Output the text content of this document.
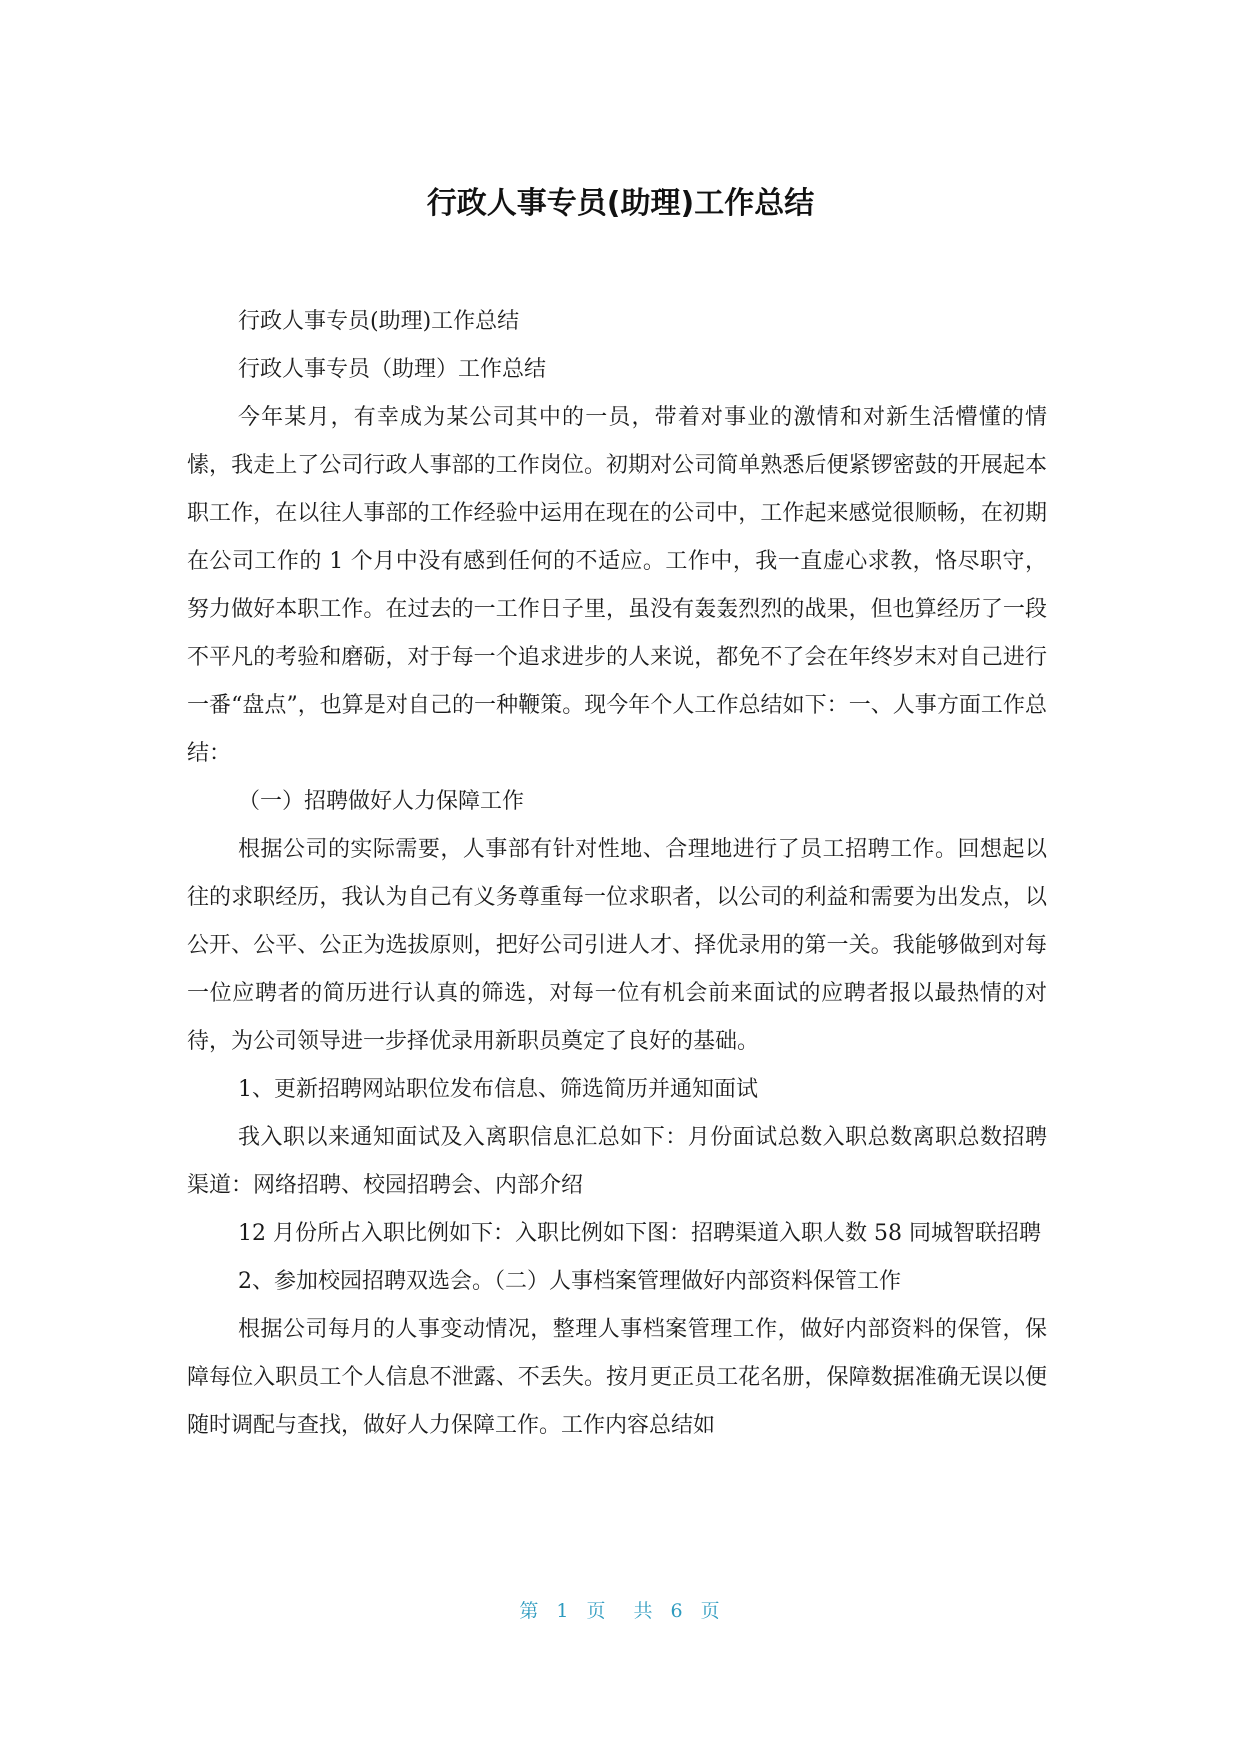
行政人事专员(助理)工作总结

行政人事专员(助理)工作总结

行政人事专员（助理）工作总结

今年某月，有幸成为某公司其中的一员，带着对事业的激情和对新生活懵懂的情愫，我走上了公司行政人事部的工作岗位。初期对公司简单熟悉后便紧锣密鼓的开展起本职工作，在以往人事部的工作经验中运用在现在的公司中，工作起来感觉很顺畅，在初期在公司工作的 1 个月中没有感到任何的不适应。工作中，我一直虚心求教，恪尽职守，努力做好本职工作。在过去的一工作日子里，虽没有轰轰烈烈的战果，但也算经历了一段不平凡的考验和磨砺，对于每一个追求进步的人来说，都免不了会在年终岁末对自己进行一番“盘点”，也算是对自己的一种鞭策。现今年个人工作总结如下：一、人事方面工作总结：

（一）招聘做好人力保障工作

根据公司的实际需要，人事部有针对性地、合理地进行了员工招聘工作。回想起以往的求职经历，我认为自己有义务尊重每一位求职者，以公司的利益和需要为出发点，以公开、公平、公正为选拔原则，把好公司引进人才、择优录用的第一关。我能够做到对每一位应聘者的简历进行认真的筛选，对每一位有机会前来面试的应聘者报以最热情的对待，为公司领导进一步择优录用新职员奠定了良好的基础。

1、更新招聘网站职位发布信息、筛选简历并通知面试

我入职以来通知面试及入离职信息汇总如下：月份面试总数入职总数离职总数招聘渠道：网络招聘、校园招聘会、内部介绍

12 月份所占入职比例如下：入职比例如下图：招聘渠道入职人数 58 同城智联招聘

2、参加校园招聘双选会。（二）人事档案管理做好内部资料保管工作

根据公司每月的人事变动情况，整理人事档案管理工作，做好内部资料的保管，保障每位入职员工个人信息不泄露、不丢失。按月更正员工花名册，保障数据准确无误以便随时调配与查找，做好人力保障工作。工作内容总结如

第 1 页 共 6 页
